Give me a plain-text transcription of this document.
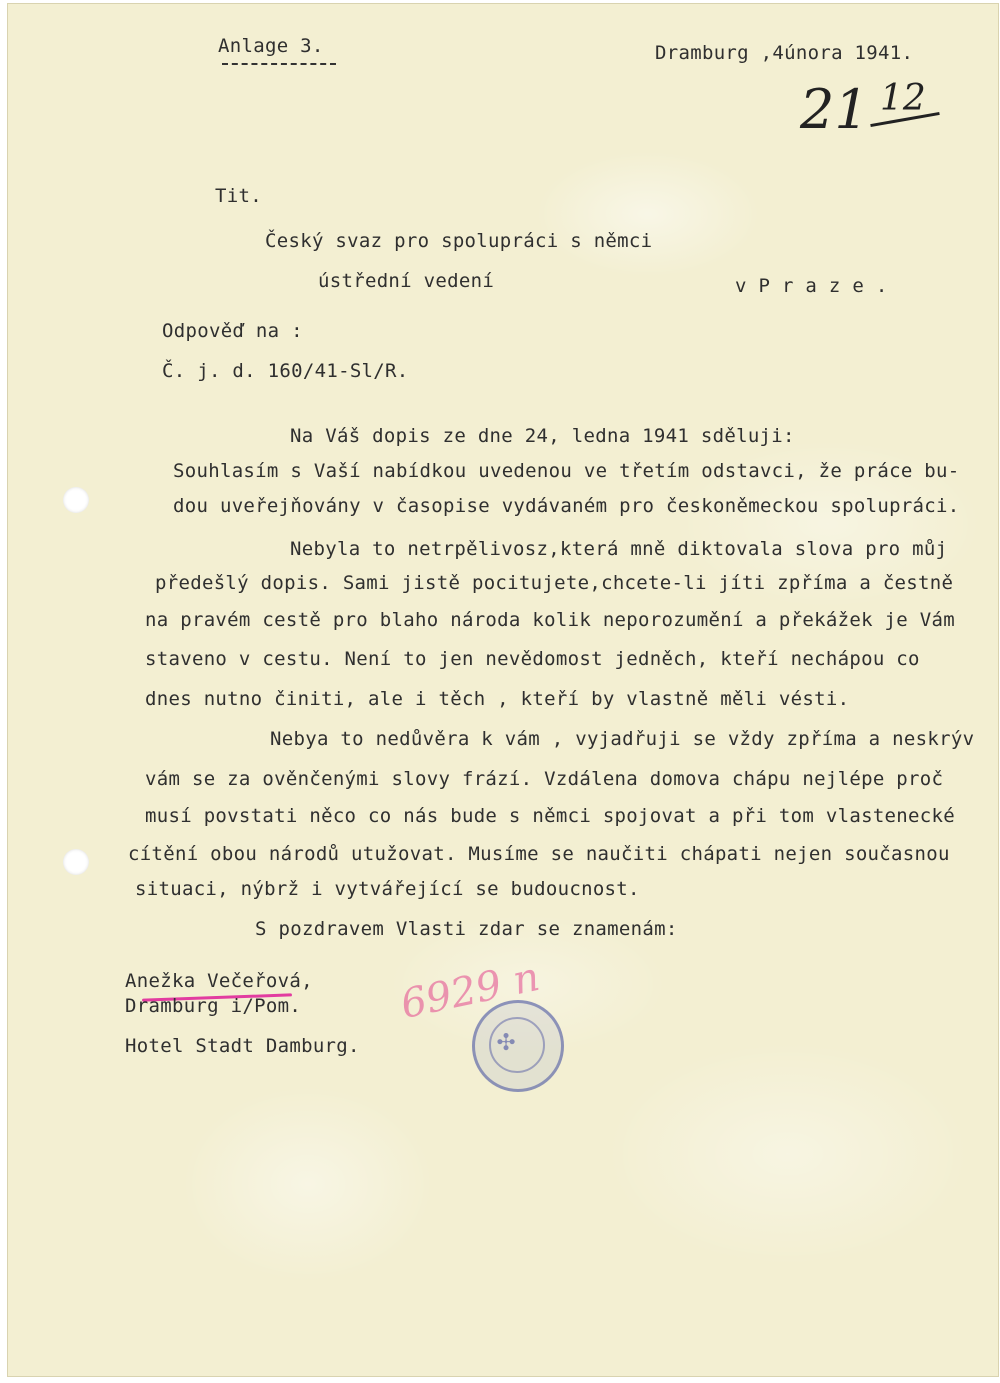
Anlage 3.	Dramburg ,4února 1941.
21 12
Tit.
Český svaz pro spolupráci s němci
ústřední vedení	v P r a z e .
Odpověď na :
Č. j. d. 160/41-Sl/R.
Na Váš dopis ze dne 24, ledna 1941 sděluji:
Souhlasím s Vaší nabídkou uvedenou ve třetím odstavci, že práce bu-
dou uveřejňovány v časopise vydávaném pro českoněmeckou spolupráci.
Nebyla to netrpělivosz,která mně diktovala slova pro můj
předešlý dopis. Sami jistě pocitujete,chcete-li jíti zpříma a čestně
na pravém cestě pro blaho národa kolik neporozumění a překážek je Vám
staveno v cestu. Není to jen nevědomost jedněch, kteří nechápou co
dnes nutno činiti, ale i těch , kteří by vlastně měli vésti.
Nebya to nedůvěra k vám , vyjadřuji se vždy zpříma a neskrýv
vám se za ověnčenými slovy frází. Vzdálena domova chápu nejlépe proč
musí povstati něco co nás bude s němci spojovat a při tom vlastenecké
cítění obou národů utužovat. Musíme se naučiti chápati nejen současnou
situaci, nýbrž i vytvářející se budoucnost.
S pozdravem Vlasti zdar se znamenám:
Anežka Večeřová,
Dramburg i/Pom.
Hotel Stadt Damburg.
6929 n
✣
